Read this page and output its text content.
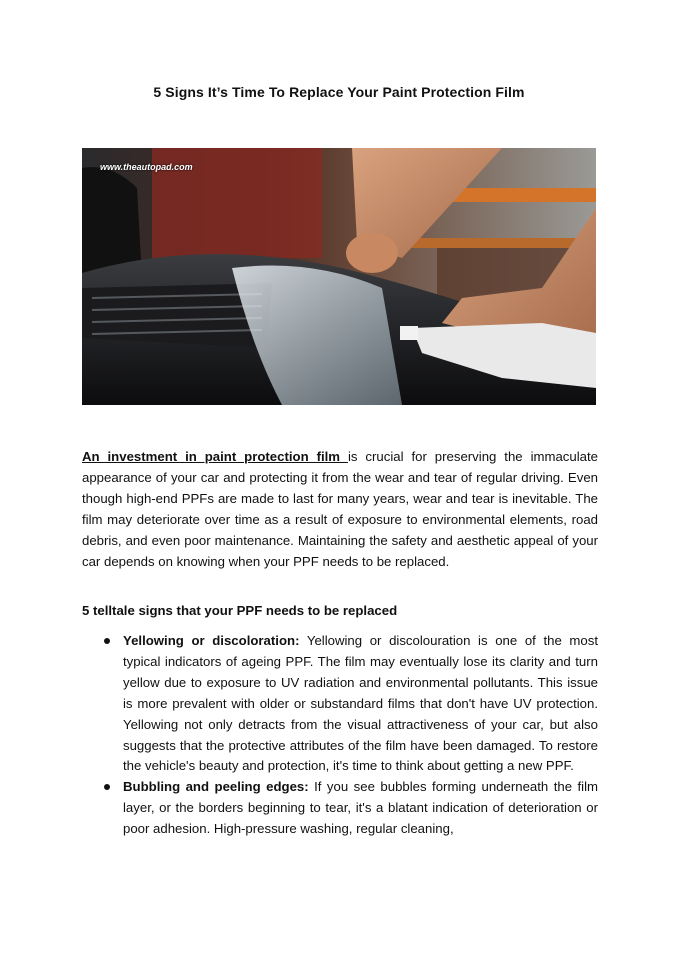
5 Signs It’s Time To Replace Your Paint Protection Film
www.theautopad.com
An investment in paint protection film is crucial for preserving the immaculate appearance of your car and protecting it from the wear and tear of regular driving. Even though high-end PPFs are made to last for many years, wear and tear is inevitable. The film may deteriorate over time as a result of exposure to environmental elements, road debris, and even poor maintenance. Maintaining the safety and aesthetic appeal of your car depends on knowing when your PPF needs to be replaced.
5 telltale signs that your PPF needs to be replaced
Yellowing or discoloration: Yellowing or discolouration is one of the most typical indicators of ageing PPF. The film may eventually lose its clarity and turn yellow due to exposure to UV radiation and environmental pollutants. This issue is more prevalent with older or substandard films that don't have UV protection. Yellowing not only detracts from the visual attractiveness of your car, but also suggests that the protective attributes of the film have been damaged. To restore the vehicle's beauty and protection, it's time to think about getting a new PPF.
Bubbling and peeling edges: If you see bubbles forming underneath the film layer, or the borders beginning to tear, it's a blatant indication of deterioration or poor adhesion. High-pressure washing, regular cleaning,
